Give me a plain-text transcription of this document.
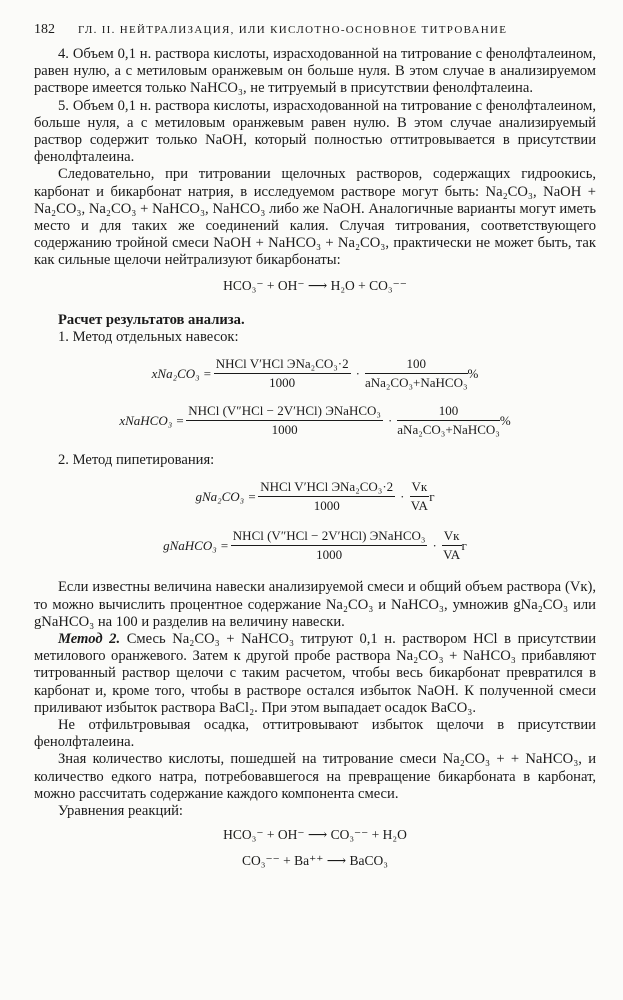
182	ГЛ. II. НЕЙТРАЛИЗАЦИЯ, ИЛИ КИСЛОТНО-ОСНОВНОЕ ТИТРОВАНИЕ

4. Объем 0,1 н. раствора кислоты, израсходованной на титрование с фенолфталеином, равен нулю, а с метиловым оранжевым он больше нуля. В этом случае в анализируемом растворе имеется только NaHCO₃, не титруемый в присутствии фенолфталеина.

5. Объем 0,1 н. раствора кислоты, израсходованной на титрование с фенолфталеином, больше нуля, а с метиловым оранжевым равен нулю. В этом случае анализируемый раствор содержит только NaOH, который полностью оттитровывается в присутствии фенолфталеина.

Следовательно, при титровании щелочных растворов, содержащих гидроокись, карбонат и бикарбонат натрия, в исследуемом растворе могут быть: Na₂CO₃, NaOH + Na₂CO₃, Na₂CO₃ + NaHCO₃, NaHCO₃ либо же NaOH. Аналогичные варианты могут иметь место и для таких же соединений калия. Случая титрования, соответствующего содержанию тройной смеси NaOH + NaHCO₃ + Na₂CO₃, практически не может быть, так как сильные щелочи нейтрализуют бикарбонаты:

HCO₃⁻ + OH⁻ ⟶ H₂O + CO₃⁻⁻

Расчет результатов анализа.

1. Метод отдельных навесок:

$xNa_2CO_3 = \frac{\text{NHCl V′HCl ЭNa₂CO₃·2}}{1000} \cdot \frac{100}{\text{aNa₂CO₃+NaHCO₃}}$ %
xNaHCO₃ = $\frac{\text{NHCl (V″HCl − 2V′HCl) ЭNaHCO₃}}{1000} \cdot \frac{100}{\text{aNa₂CO₃+NaHCO₃}}$ %

2. Метод пипетирования:

$gNa_2CO_3 = \frac{\text{NHCl V′HCl ЭNa₂CO₃·2}}{1000} \cdot \frac{Vк}{VA}$ г
gNaHCO₃ = $\frac{\text{NHCl (V″HCl − 2V′HCl) ЭNaHCO₃}}{1000} \cdot \frac{Vк}{VA}$ г

Если известны величина навески анализируемой смеси и общий объем раствора (Vк), то можно вычислить процентное содержание Na₂CO₃ и NaHCO₃, умножив gNa₂CO₃ или gNaHCO₃ на 100 и разделив на величину навески.

Метод 2. Смесь Na₂CO₃ + NaHCO₃ титруют 0,1 н. раствором HCl в присутствии метилового оранжевого. Затем к другой пробе раствора Na₂CO₃ + NaHCO₃ прибавляют титрованный раствор щелочи с таким расчетом, чтобы весь бикарбонат превратился в карбонат и, кроме того, чтобы в растворе остался избыток NaOH. К полученной смеси приливают избыток раствора BaCl₂. При этом выпадает осадок BaCO₃.

Не отфильтровывая осадка, оттитровывают избыток щелочи в присутствии фенолфталеина.

Зная количество кислоты, пошедшей на титрование смеси Na₂CO₃ + + NaHCO₃, и количество едкого натра, потребовавшегося на превращение бикарбоната в карбонат, можно рассчитать содержание каждого компонента смеси.

Уравнения реакций:

HCO₃⁻ + OH⁻ ⟶ CO₃⁻⁻ + H₂O

CO₃⁻⁻ + Ba⁺⁺ ⟶ BaCO₃
